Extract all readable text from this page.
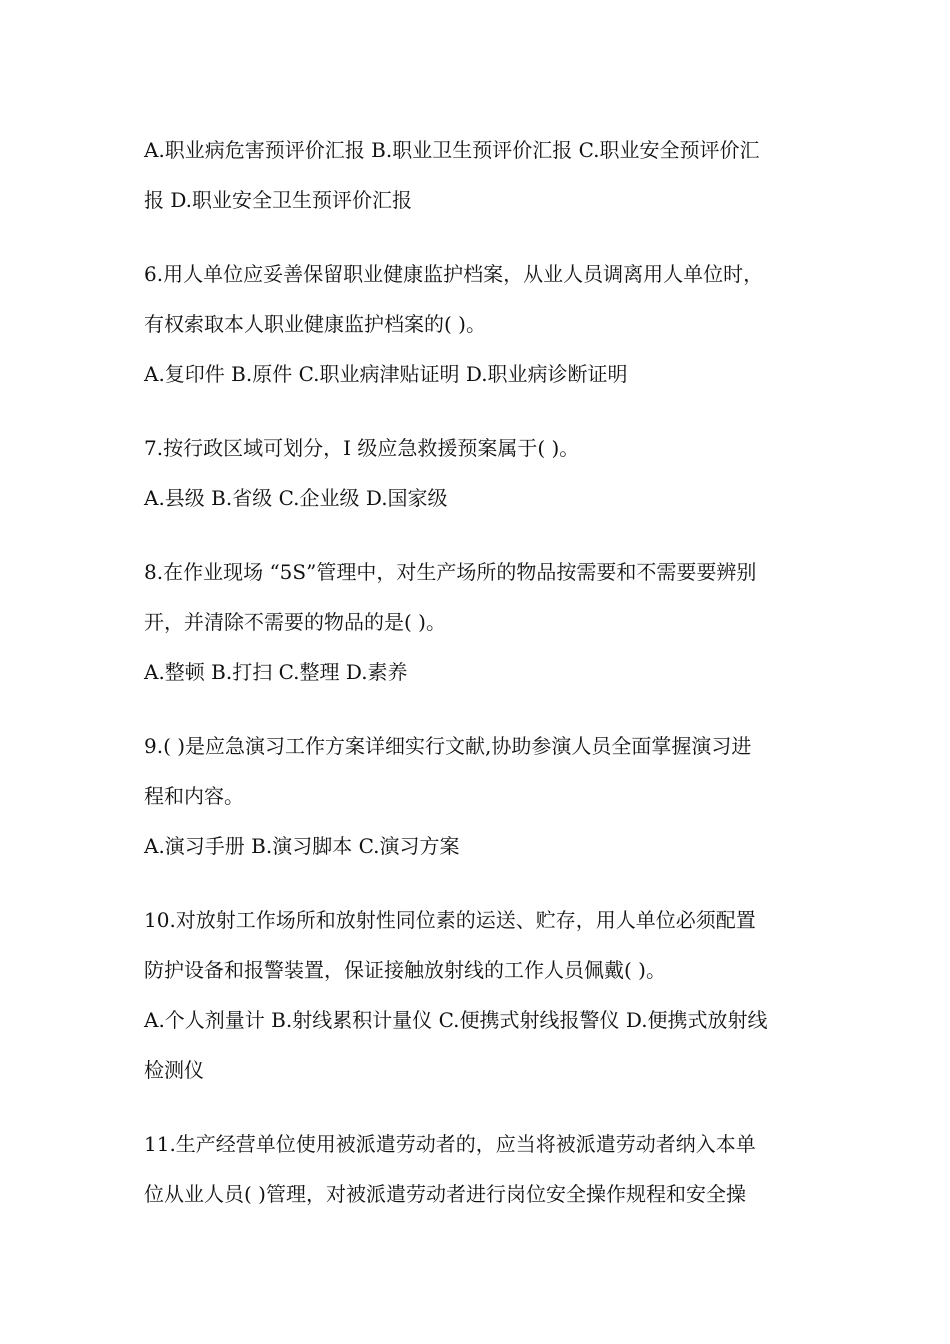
A.职业病危害预评价汇报 B.职业卫生预评价汇报 C.职业安全预评价汇
报 D.职业安全卫生预评价汇报
6.用人单位应妥善保留职业健康监护档案，从业人员调离用人单位时，
有权索取本人职业健康监护档案的( )。
A.复印件 B.原件 C.职业病津贴证明 D.职业病诊断证明
7.按行政区域可划分，I 级应急救援预案属于( )。
A.县级 B.省级 C.企业级 D.国家级
8.在作业现场 “5S”管理中，对生产场所的物品按需要和不需要要辨别
开，并清除不需要的物品的是( )。
A.整顿 B.打扫 C.整理 D.素养
9.( )是应急演习工作方案详细实行文献,协助参演人员全面掌握演习进
程和内容。
A.演习手册 B.演习脚本 C.演习方案
10.对放射工作场所和放射性同位素的运送、贮存，用人单位必须配置
防护设备和报警装置，保证接触放射线的工作人员佩戴( )。
A.个人剂量计 B.射线累积计量仪 C.便携式射线报警仪 D.便携式放射线
检测仪
11.生产经营单位使用被派遣劳动者的，应当将被派遣劳动者纳入本单
位从业人员( )管理，对被派遣劳动者进行岗位安全操作规程和安全操
